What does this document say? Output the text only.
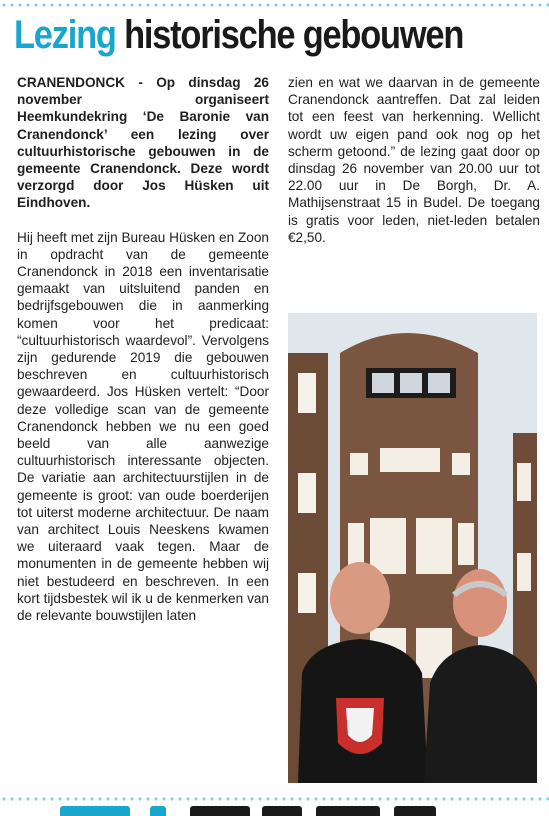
Lezing historische gebouwen

CRANENDONCK - Op dinsdag 26 november organiseert Heemkundekring ‘De Baronie van Cranendonck’ een lezing over cultuurhistorische gebouwen in de gemeente Cranendonck. Deze wordt verzorgd door Jos Hüsken uit Eindhoven.

Hij heeft met zijn Bureau Hüsken en Zoon in opdracht van de gemeente Cranendonck in 2018 een inventarisatie gemaakt van uitsluitend panden en bedrijfsgebouwen die in aanmerking komen voor het predicaat: “cultuurhistorisch waardevol”. Vervolgens zijn gedurende 2019 die gebouwen beschreven en cultuurhistorisch gewaardeerd. Jos Hüsken vertelt: “Door deze volledige scan van de gemeente Cranendonck hebben we nu een goed beeld van alle aanwezige cultuurhistorisch interessante objecten. De variatie aan architectuurstijlen in de gemeente is groot: van oude boerderijen tot uiterst moderne architectuur. De naam van architect Louis Neeskens kwamen we uiteraard vaak tegen. Maar de monumenten in de gemeente hebben wij niet bestudeerd en beschreven. In een kort tijdsbestek wil ik u de kenmerken van de relevante bouwstijlen laten

zien en wat we daarvan in de gemeente Cranendonck aantreffen. Dat zal leiden tot een feest van herkenning. Wellicht wordt uw eigen pand ook nog op het scherm getoond.” de lezing gaat door op dinsdag 26 november van 20.00 uur tot 22.00 uur in De Borgh, Dr. A. Mathijsenstraat 15 in Budel. De toegang is gratis voor leden, niet-leden betalen €2,50.
